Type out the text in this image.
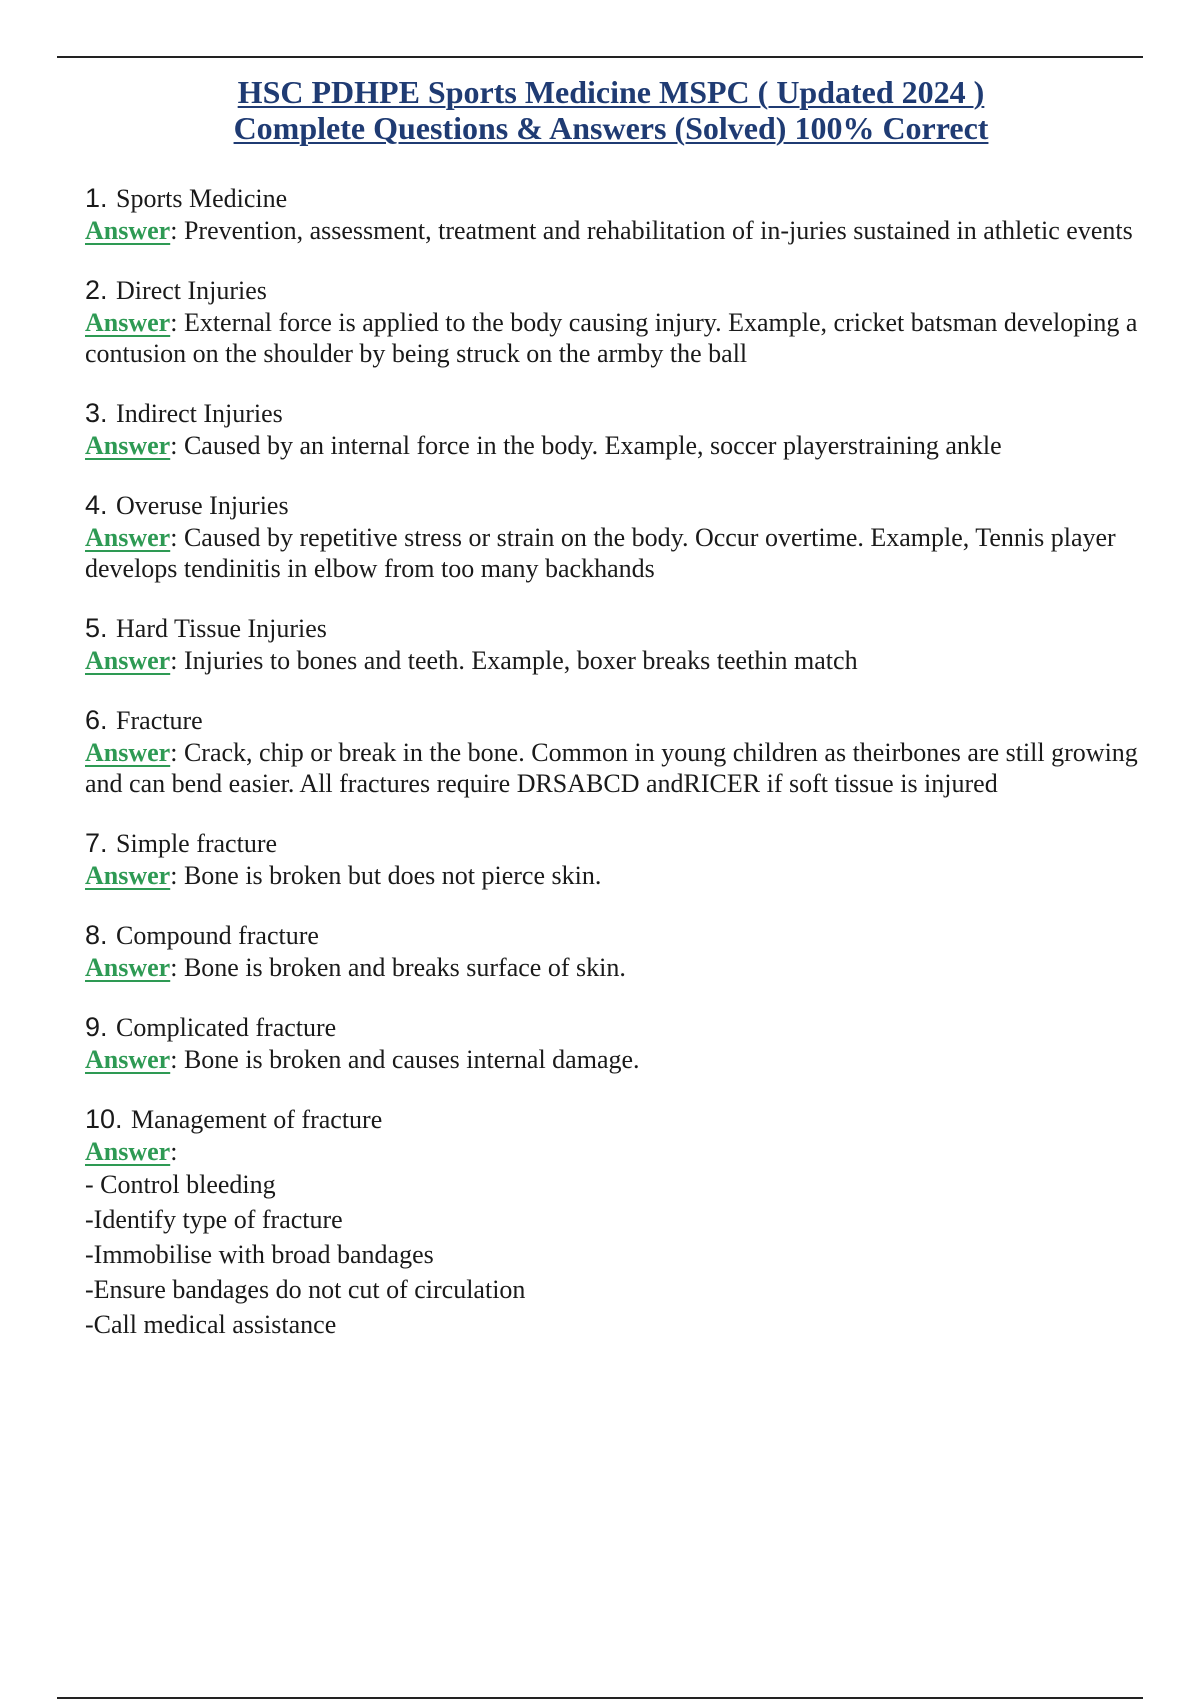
HSC PDHPE Sports Medicine MSPC ( Updated 2024 )
Complete Questions & Answers (Solved) 100% Correct
1. Sports Medicine
Answer: Prevention, assessment, treatment and rehabilitation of in-juries sustained in athletic events
2. Direct Injuries
Answer: External force is applied to the body causing injury. Example, cricket batsman developing a contusion on the shoulder by being struck on the armby the ball
3. Indirect Injuries
Answer: Caused by an internal force in the body. Example, soccer playerstraining ankle
4. Overuse Injuries
Answer: Caused by repetitive stress or strain on the body. Occur overtime. Example, Tennis player develops tendinitis in elbow from too many backhands
5. Hard Tissue Injuries
Answer: Injuries to bones and teeth. Example, boxer breaks teethin match
6. Fracture
Answer: Crack, chip or break in the bone. Common in young children as theirbones are still growing and can bend easier. All fractures require DRSABCD andRICER if soft tissue is injured
7. Simple fracture
Answer: Bone is broken but does not pierce skin.
8. Compound fracture
Answer: Bone is broken and breaks surface of skin.
9. Complicated fracture
Answer: Bone is broken and causes internal damage.
10. Management of fracture
Answer:
- Control bleeding
-Identify type of fracture
-Immobilise with broad bandages
-Ensure bandages do not cut of circulation
-Call medical assistance
